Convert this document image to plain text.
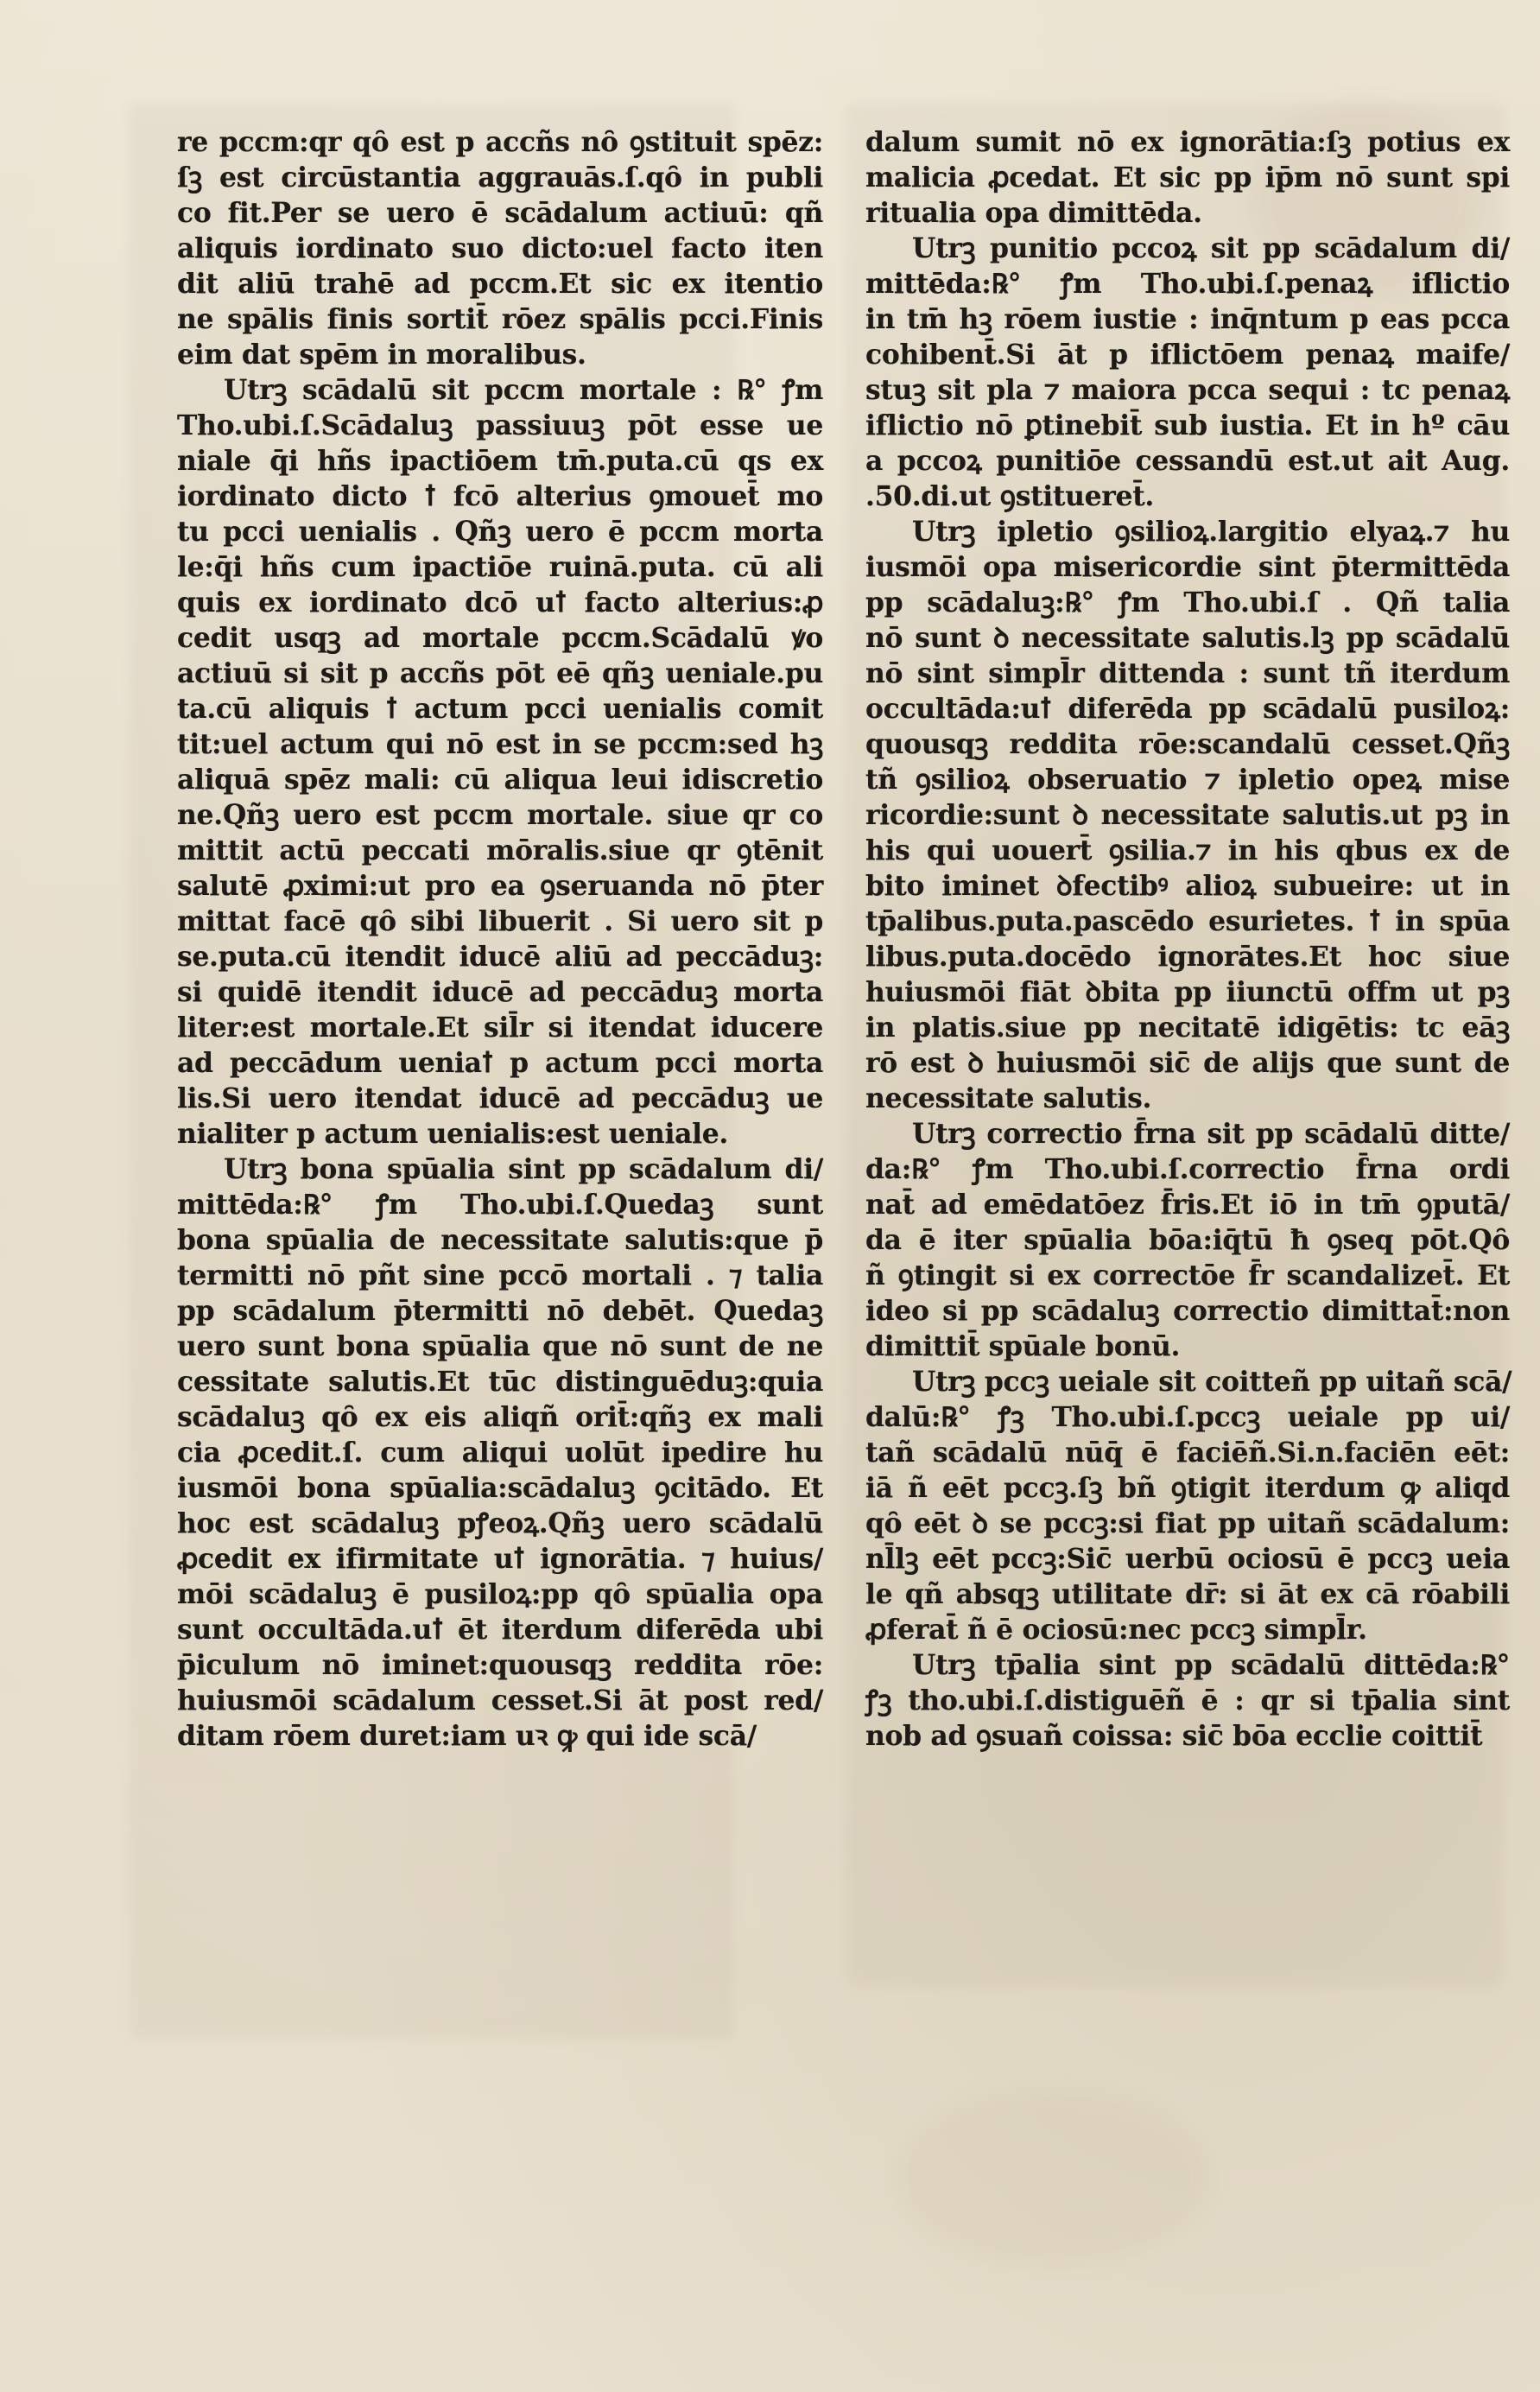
re pccm:qr qȏ est p accñs nȏ ꝯstituit spēz:
ſꝫ est circūstantia aggrauās.ſ.qȏ in publi
co fit.Per se uero ē scādalum actiuū: qñ
aliquis iordinato suo dicto:uel facto iten
dit aliū trahē ad pccm.Et sic ex itentio
ne spālis finis sortit̄ rōez spālis pcci.Finis
eim dat spēm in moralibus.
Utrꝫ scādalū sit pccm mortale : ℞° ꝭm
Tho.ubi.ſ.Scādaluꝫ passiuuꝫ pōt esse ue
niale q̄i hñs ipactiōem tm̄.puta.cū qs ex
iordinato dicto ꝉ fcō alterius ꝯmouet̄ mo
tu pcci uenialis . Qñꝫ uero ē pccm morta
le:q̄i hñs cum ipactiōe ruinā.puta. cū ali
quis ex iordinato dcō uꝉ facto alterius:ꝓ
cedit usqꝫ ad mortale pccm.Scādalū ꝟo
actiuū si sit p accñs pōt eē qñꝫ ueniale.pu
ta.cū aliquis ꝉ actum pcci uenialis comit
tit:uel actum qui nō est in se pccm:sed hꝫ
aliquā spēz mali: cū aliqua leui idiscretio
ne.Qñꝫ uero est pccm mortale. siue qr co
mittit actū peccati mōralis.siue qr ꝯtēnit
salutē ꝓximi:ut pro ea ꝯseruanda nō p̄ter
mittat facē qȏ sibi libuerit . Si uero sit p
se.puta.cū itendit iducē aliū ad peccāduꝫ:
si quidē itendit iducē ad peccāduꝫ morta
liter:est mortale.Et sil̄r si itendat iducere
ad peccādum ueniaꝉ p actum pcci morta
lis.Si uero itendat iducē ad peccāduꝫ ue
nialiter p actum uenialis:est ueniale.
Utrꝫ bona spūalia sint pp scādalum di/
mittēda:℞° ꝭm Tho.ubi.ſ.Quedaꝫ sunt
bona spūalia de necessitate salutis:que p̄
termitti nō pñt sine pccō mortali . ⁊ talia
pp scādalum p̄termitti nō debēt. Quedaꝫ
uero sunt bona spūalia que nō sunt de ne
cessitate salutis.Et tūc distinguēduꝫ:quia
scādaluꝫ qȏ ex eis aliqñ orit̄:qñꝫ ex mali
cia ꝓcedit.ſ. cum aliqui uolūt ipedire hu
iusmōi bona spūalia:scādaluꝫ ꝯcitādo. Et
hoc est scādaluꝫ pꝭeoꝝ.Qñꝫ uero scādalū
ꝓcedit ex ifirmitate uꝉ ignorātia. ⁊ huius/
mōi scādaluꝫ ē pusiloꝝ:pp qȏ spūalia opa
sunt occultāda.uꝉ ēt iterdum diferēda ubi
p̄iculum nō iminet:quousqꝫ reddita rōe:
huiusmōi scādalum cesset.Si āt post red/
ditam rōem duret:iam uꝛ ꝙ qui ide scā/
dalum sumit nō ex ignorātia:ſꝫ potius ex
malicia ꝓcedat. Et sic pp ip̄m nō sunt spi
ritualia opa dimittēda.
Utrꝫ punitio pccoꝝ sit pp scādalum di/
mittēda:℞° ꝭm Tho.ubi.ſ.penaꝝ iflictio
in tm̄ hꝫ rōem iustie : inq̄ntum p eas pcca
cohibent̄.Si āt p iflictōem penaꝝ maife/
stuꝫ sit pla ⁊ maiora pcca sequi : tc penaꝝ
iflictio nō ꝑtinebit̄ sub iustia. Et in hº cāu
a pccoꝝ punitiōe cessandū est.ut ait Aug.
.50.di.ut ꝯstitueret̄.
Utrꝫ ipletio ꝯsilioꝝ.largitio elyaꝝ.⁊ hu
iusmōi opa misericordie sint p̄termittēda
pp scādaluꝫ:℞° ꝭm Tho.ubi.ſ . Qñ talia
nō sunt ꝺ necessitate salutis.lꝫ pp scādalū
nō sint simpl̄r dittenda : sunt tñ iterdum
occultāda:uꝉ diferēda pp scādalū pusiloꝝ:
quousqꝫ reddita rōe:scandalū cesset.Qñꝫ
tñ ꝯsilioꝝ obseruatio ⁊ ipletio opeꝝ mise
ricordie:sunt ꝺ necessitate salutis.ut pꝫ in
his qui uouert̄ ꝯsilia.⁊ in his qbus ex de
bito iminet ꝺfectibꝰ alioꝝ subueire: ut in
tp̄alibus.puta.pascēdo esurietes. ꝉ in spūa
libus.puta.docēdo ignorātes.Et hoc siue
huiusmōi fiāt ꝺbita pp iiunctū offm ut pꝫ
in platis.siue pp necitatē idigētis: tc eāꝫ
rō est ꝺ huiusmōi sic̄ de alijs que sunt de
necessitate salutis.
Utrꝫ correctio f̄rna sit pp scādalū ditte/
da:℞° ꝭm Tho.ubi.ſ.correctio f̄rna ordi
nat̄ ad emēdatōez f̄ris.Et iō in tm̄ ꝯputā/
da ē iter spūalia bōa:iq̄tū ħ ꝯseq pōt.Qȏ
ñ ꝯtingit si ex correctōe f̄r scandalizet̄. Et
ideo si pp scādaluꝫ correctio dimittat̄:non
dimittit̄ spūale bonū.
Utrꝫ pccꝫ ueiale sit coitteñ pp uitañ scā/
dalū:℞° ꝭꝫ Tho.ubi.ſ.pccꝫ ueiale pp ui/
tañ scādalū nūq̄ ē faciēñ.Si.n.faciēn eēt:
iā ñ eēt pccꝫ.ſꝫ bñ ꝯtigit iterdum ꝙ aliqd
qȏ eēt ꝺ se pccꝫ:si fiat pp uitañ scādalum:
nl̄lꝫ eēt pccꝫ:Sic̄ uerbū ociosū ē pccꝫ ueia
le qñ absqꝫ utilitate dr̄: si āt ex cā rōabili
ꝓferat̄ ñ ē ociosū:nec pccꝫ simpl̄r.
Utrꝫ tp̄alia sint pp scādalū dittēda:℞°
ꝭꝫ tho.ubi.ſ.distiguēñ ē : qr si tp̄alia sint
nob ad ꝯsuañ coissa: sic̄ bōa ecclie coittit̄
